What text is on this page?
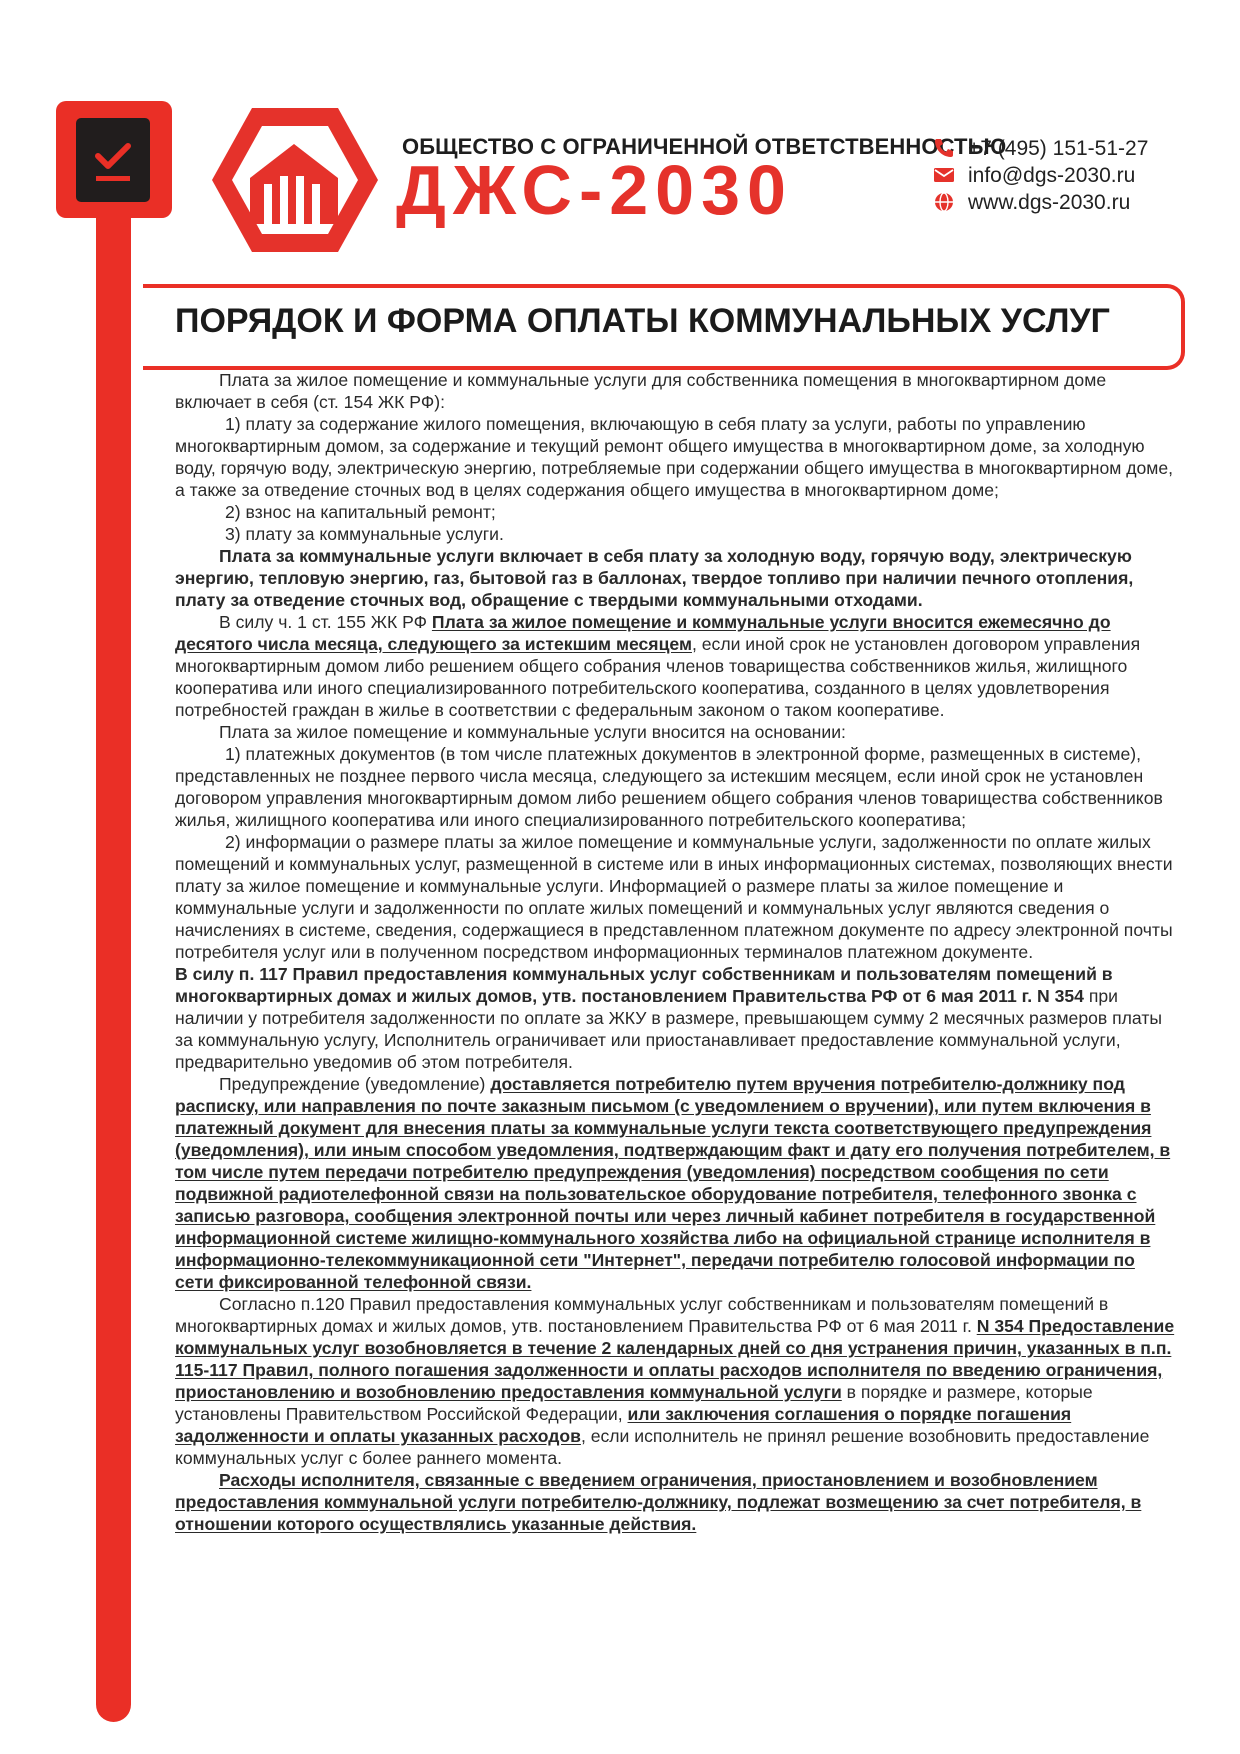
ОБЩЕСТВО С ОГРАНИЧЕННОЙ ОТВЕТСТВЕННОСТЬЮ
ДЖС-2030
+7 (495) 151-51-27
info@dgs-2030.ru
www.dgs-2030.ru
ПОРЯДОК И ФОРМА ОПЛАТЫ КОММУНАЛЬНЫХ УСЛУГ

Плата за жилое помещение и коммунальные услуги для собственника помещения в многоквартирном доме включает в себя (ст. 154 ЖК РФ):

1) плату за содержание жилого помещения, включающую в себя плату за услуги, работы по управлению многоквартирным домом, за содержание и текущий ремонт общего имущества в многоквартирном доме, за холодную воду, горячую воду, электрическую энергию, потребляемые при содержании общего имущества в многоквартирном доме, а также за отведение сточных вод в целях содержания общего имущества в многоквартирном доме;

2) взнос на капитальный ремонт;

3) плату за коммунальные услуги.

Плата за коммунальные услуги включает в себя плату за холодную воду, горячую воду, электрическую энергию, тепловую энергию, газ, бытовой газ в баллонах, твердое топливо при наличии печного отопления, плату за отведение сточных вод, обращение с твердыми коммунальными отходами.

В силу ч. 1 ст. 155 ЖК РФ Плата за жилое помещение и коммунальные услуги вносится ежемесячно до десятого числа месяца, следующего за истекшим месяцем, если иной срок не установлен договором управления многоквартирным домом либо решением общего собрания членов товарищества собственников жилья, жилищного кооператива или иного специализированного потребительского кооператива, созданного в целях удовлетворения потребностей граждан в жилье в соответствии с федеральным законом о таком кооперативе.

Плата за жилое помещение и коммунальные услуги вносится на основании:

1) платежных документов (в том числе платежных документов в электронной форме, размещенных в системе), представленных не позднее первого числа месяца, следующего за истекшим месяцем, если иной срок не установлен договором управления многоквартирным домом либо решением общего собрания членов товарищества собственников жилья, жилищного кооператива или иного специализированного потребительского кооператива;

2) информации о размере платы за жилое помещение и коммунальные услуги, задолженности по оплате жилых помещений и коммунальных услуг, размещенной в системе или в иных информационных системах, позволяющих внести плату за жилое помещение и коммунальные услуги. Информацией о размере платы за жилое помещение и коммунальные услуги и задолженности по оплате жилых помещений и коммунальных услуг являются сведения о начислениях в системе, сведения, содержащиеся в представленном платежном документе по адресу электронной почты потребителя услуг или в полученном посредством информационных терминалов платежном документе.

В силу п. 117 Правил предоставления коммунальных услуг собственникам и пользователям помещений в многоквартирных домах и жилых домов, утв. постановлением Правительства РФ от 6 мая 2011 г. N 354 при наличии у потребителя задолженности по оплате за ЖКУ в размере, превышающем сумму 2 месячных размеров платы за коммунальную услугу, Исполнитель ограничивает или приостанавливает предоставление коммунальной услуги, предварительно уведомив об этом потребителя.

Предупреждение (уведомление) доставляется потребителю путем вручения потребителю-должнику под расписку, или направления по почте заказным письмом (с уведомлением о вручении), или путем включения в платежный документ для внесения платы за коммунальные услуги текста соответствующего предупреждения (уведомления), или иным способом уведомления, подтверждающим факт и дату его получения потребителем, в том числе путем передачи потребителю предупреждения (уведомления) посредством сообщения по сети подвижной радиотелефонной связи на пользовательское оборудование потребителя, телефонного звонка с записью разговора, сообщения электронной почты или через личный кабинет потребителя в государственной информационной системе жилищно-коммунального хозяйства либо на официальной странице исполнителя в информационно-телекоммуникационной сети "Интернет", передачи потребителю голосовой информации по сети фиксированной телефонной связи.

Согласно п.120 Правил предоставления коммунальных услуг собственникам и пользователям помещений в многоквартирных домах и жилых домов, утв. постановлением Правительства РФ от 6 мая 2011 г. N 354 Предоставление коммунальных услуг возобновляется в течение 2 календарных дней со дня устранения причин, указанных в п.п. 115-117 Правил, полного погашения задолженности и оплаты расходов исполнителя по введению ограничения, приостановлению и возобновлению предоставления коммунальной услуги в порядке и размере, которые установлены Правительством Российской Федерации, или заключения соглашения о порядке погашения задолженности и оплаты указанных расходов, если исполнитель не принял решение возобновить предоставление коммунальных услуг с более раннего момента.

Расходы исполнителя, связанные с введением ограничения, приостановлением и возобновлением предоставления коммунальной услуги потребителю-должнику, подлежат возмещению за счет потребителя, в отношении которого осуществлялись указанные действия.
